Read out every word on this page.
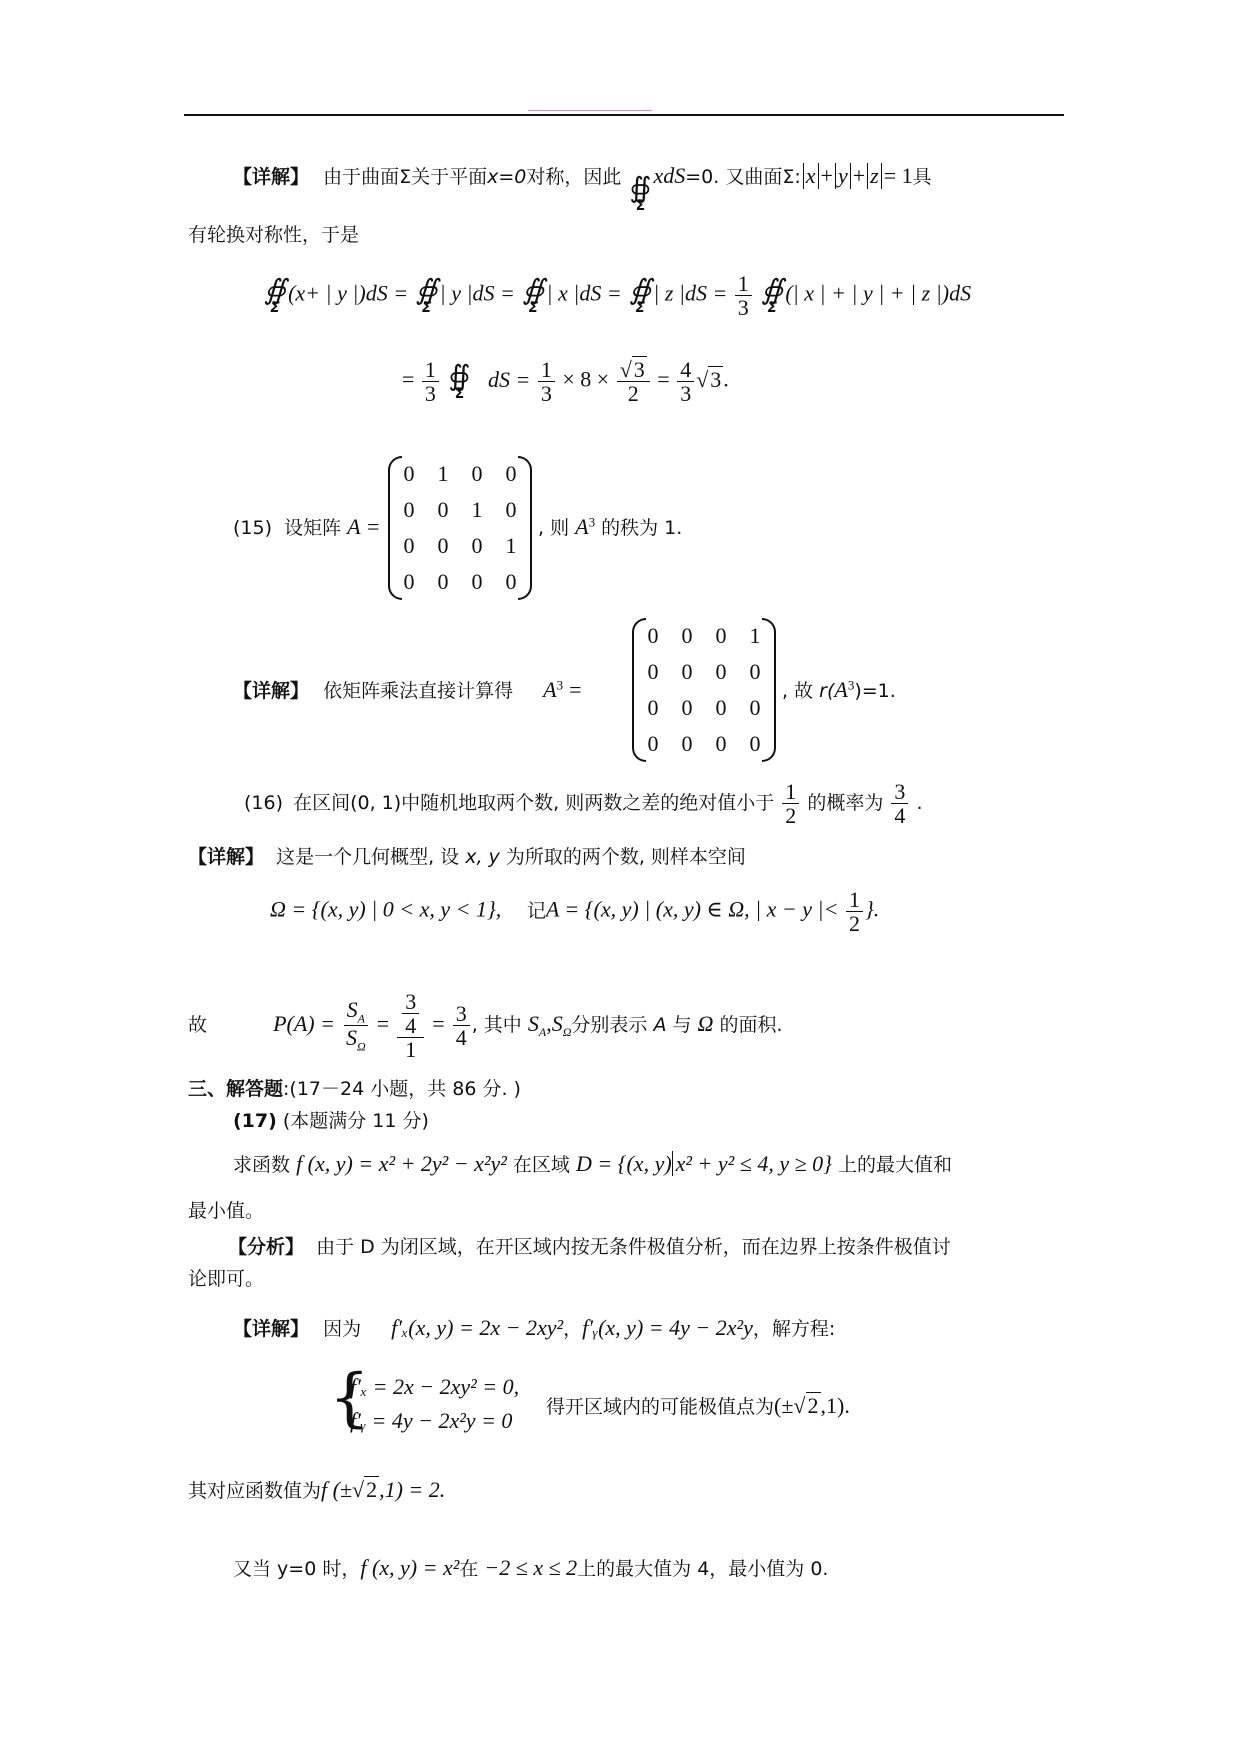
【详解】 由于曲面Σ关于平面x=0对称，因此 ∯
Σ
xdS=0. 又曲面Σ: x + y + z = 1具
有轮换对称性，于是
∯
Σ
(x+ | y |)dS = ∯
Σ
| y |dS = ∯
Σ
| x |dS = ∯
Σ
| z $|dS = \frac{1}{3}$
∯
Σ
(| x | + | y | + | z |)dS
= $\frac{1}{3}$
∯
Σ
dS = $\frac{1}{3} \times 8 \times \frac{√3}{2} = \frac{4}{3} √3$.
(15) 设矩阵 A =
0	1	0	0
0	0	1	0
0	0	0	1
0	0	0	0
, 则 $A^3$ 的秩为 1.
【详解】 依矩阵乘法直接计算得 $A^3$ =
0	0	0	1
0	0	0	0
0	0	0	0
0	0	0	0
, 故 $r(A^3)=1$.
(16) 在区间(0, 1)中随机地取两个数, 则两数之差的绝对值小于 $\frac{1}{2}$ 的概率为 $\frac{3}{4}$ .
【详解】 这是一个几何概型, 设 x, y 为所取的两个数, 则样本空间
Ω = {(x, y) | 0 < x, y < 1}, 记A = {(x, y) | (x, y) ∈ Ω, | x − y |< $\frac{1}{2}$ }.
故	$P(A) = \frac{S_A}{S_\Omega} = \frac{\frac{3}{4}}{1} = \frac{3}{4}$ , 其中 $S_A,S_\Omega$分别表示 A 与 Ω 的面积.
三、解答题:(17－24 小题，共 86 分. )
(17) (本题满分 11 分)
求函数 f (x, y) = x² + 2y² − x²y² 在区域 D = {(x, y) x² + y² ≤ 4, y ≥ 0} 上的最大值和
最小值。
【分析】 由于 D 为闭区域，在开区域内按无条件极值分析，而在边界上按条件极值讨
论即可。
【详解】 因为 f′ₓ(x, y) = 2x − 2xy²，f′ᵧ(x, y) = 4y − 2x²y，解方程:
{
f′ₓ = 2x − 2xy² = 0,
f′ᵧ = 4y − 2x²y = 0
得开区域内的可能极值点为(±√2,1).
其对应函数值为f (±√2,1) = 2.
又当 y=0 时，f (x, y) = x²在 −2 ≤ x ≤ 2上的最大值为 4，最小值为 0.
